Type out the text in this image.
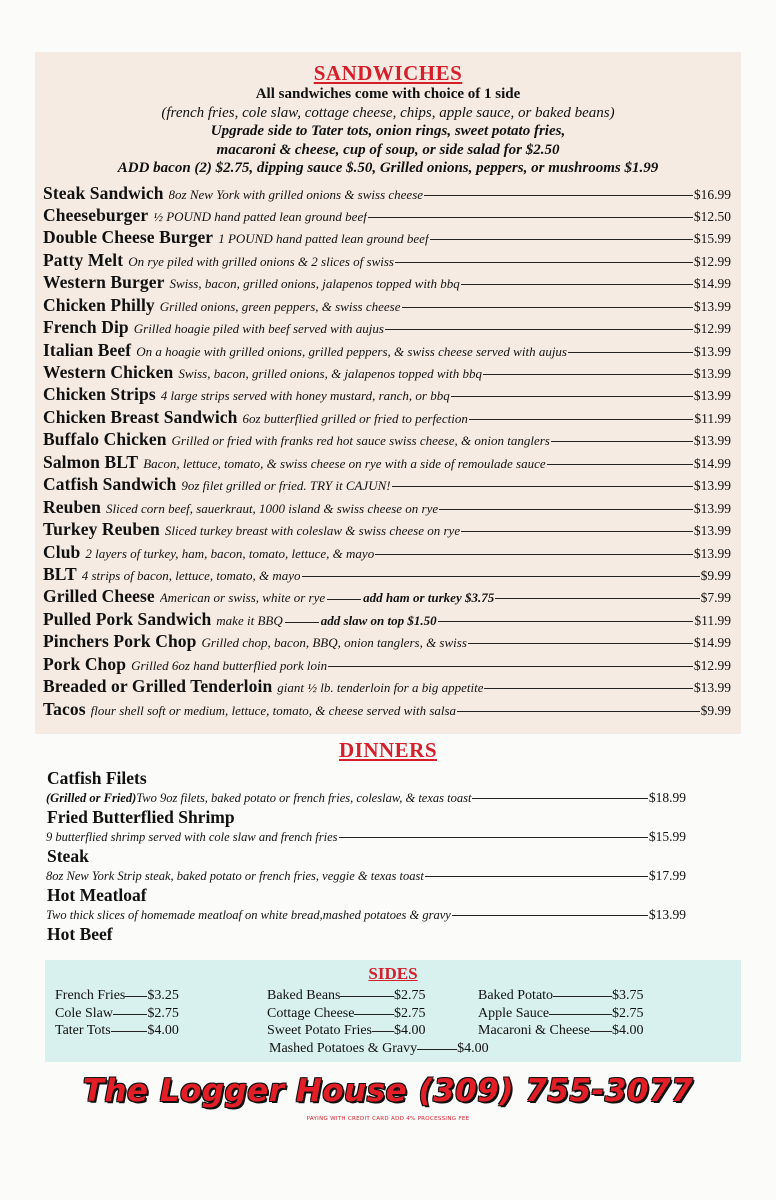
SANDWICHES
All sandwiches come with choice of 1 side
(french fries, cole slaw, cottage cheese, chips, apple sauce, or baked beans)
Upgrade side to Tater tots, onion rings, sweet potato fries,
macaroni & cheese, cup of soup, or side salad for $2.50
ADD bacon (2) $2.75, dipping sauce $.50, Grilled onions, peppers, or mushrooms $1.99
Steak Sandwich 8oz New York with grilled onions & swiss cheese	$16.99
Cheeseburger ½ POUND hand patted lean ground beef	$12.50
Double Cheese Burger 1 POUND hand patted lean ground beef	$15.99
Patty Melt On rye piled with grilled onions & 2 slices of swiss	$12.99
Western Burger Swiss, bacon, grilled onions, jalapenos topped with bbq	$14.99
Chicken Philly Grilled onions, green peppers, & swiss cheese	$13.99
French Dip Grilled hoagie piled with beef served with aujus	$12.99
Italian Beef On a hoagie with grilled onions, grilled peppers, & swiss cheese served with aujus	$13.99
Western Chicken Swiss, bacon, grilled onions, & jalapenos topped with bbq	$13.99
Chicken Strips 4 large strips served with honey mustard, ranch, or bbq	$13.99
Chicken Breast Sandwich 6oz butterflied grilled or fried to perfection	$11.99
Buffalo Chicken Grilled or fried with franks red hot sauce swiss cheese, & onion tanglers	$13.99
Salmon BLT Bacon, lettuce, tomato, & swiss cheese on rye with a side of remoulade sauce	$14.99
Catfish Sandwich 9oz filet grilled or fried. TRY it CAJUN!	$13.99
Reuben Sliced corn beef, sauerkraut, 1000 island & swiss cheese on rye	$13.99
Turkey Reuben Sliced turkey breast with coleslaw & swiss cheese on rye	$13.99
Club 2 layers of turkey, ham, bacon, tomato, lettuce, & mayo	$13.99
BLT 4 strips of bacon, lettuce, tomato, & mayo	$9.99
Grilled Cheese American or swiss, white or rye	add ham or turkey $3.75	$7.99
Pulled Pork Sandwich make it BBQ	add slaw on top $1.50	$11.99
Pinchers Pork Chop Grilled chop, bacon, BBQ, onion tanglers, & swiss	$14.99
Pork Chop Grilled 6oz hand butterflied pork loin	$12.99
Breaded or Grilled Tenderloin giant ½ lb. tenderloin for a big appetite	$13.99
Tacos flour shell soft or medium, lettuce, tomato, & cheese served with salsa	$9.99
DINNERS
Catfish Filets
(Grilled or Fried)Two 9oz filets, baked potato or french fries, coleslaw, & texas toast	$18.99
Fried Butterflied Shrimp
9 butterflied shrimp served with cole slaw and french fries	$15.99
Steak
8oz New York Strip steak, baked potato or french fries, veggie & texas toast	$17.99
Hot Meatloaf
Two thick slices of homemade meatloaf on white bread,mashed potatoes & gravy	$13.99
Hot Beef
SIDES
French Fries $3.25
Cole Slaw $2.75
Tater Tots	$4.00
Baked Beans	$2.75
Cottage Cheese	$2.75
Sweet Potato Fries $4.00
Baked Potato	$3.75
Apple Sauce	$2.75
Macaroni & Cheese $4.00
Mashed Potatoes & Gravy	$4.00
The Logger House (309) 755-3077
PAYING WITH CREDIT CARD ADD 4% PROCESSING FEE
